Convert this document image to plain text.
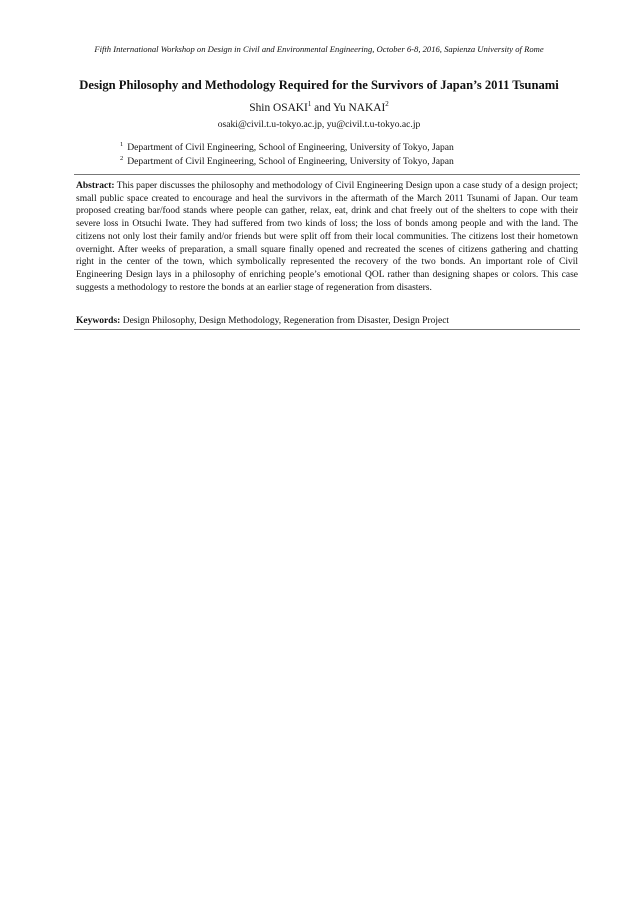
Fifth International Workshop on Design in Civil and Environmental Engineering, October 6-8, 2016, Sapienza University of Rome
Design Philosophy and Methodology Required for the Survivors of Japan’s 2011 Tsunami
Shin OSAKI$^1$ and Yu NAKAI$^2$
osaki@civil.t.u-tokyo.ac.jp, yu@civil.t.u-tokyo.ac.jp
$^1$ Department of Civil Engineering, School of Engineering, University of Tokyo, Japan
$^2$ Department of Civil Engineering, School of Engineering, University of Tokyo, Japan
Abstract: This paper discusses the philosophy and methodology of Civil Engineering Design upon a case study of a design project; small public space created to encourage and heal the survivors in the aftermath of the March 2011 Tsunami of Japan. Our team proposed creating bar/food stands where people can gather, relax, eat, drink and chat freely out of the shelters to cope with their severe loss in Otsuchi Iwate. They had suffered from two kinds of loss; the loss of bonds among people and with the land. The citizens not only lost their family and/or friends but were split off from their local communities. The citizens lost their hometown overnight. After weeks of preparation, a small square finally opened and recreated the scenes of citizens gathering and chatting right in the center of the town, which symbolically represented the recovery of the two bonds. An important role of Civil Engineering Design lays in a philosophy of enriching people’s emotional QOL rather than designing shapes or colors. This case suggests a methodology to restore the bonds at an earlier stage of regeneration from disasters.
Keywords: Design Philosophy, Design Methodology, Regeneration from Disaster, Design Project
